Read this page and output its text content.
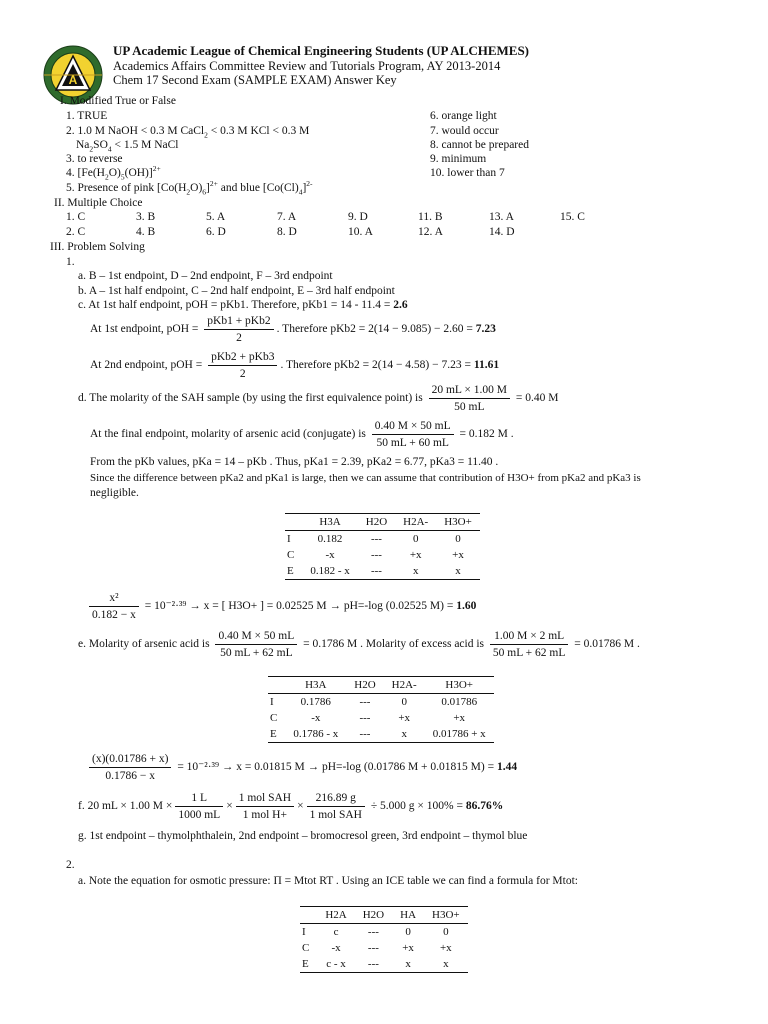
A
UP Academic League of Chemical Engineering Students (UP ALCHEMES)
Academics Affairs Committee Review and Tutorials Program, AY 2013-2014
Chem 17 Second Exam (SAMPLE EXAM) Answer Key
I. Modified True or False
1. TRUE
2. 1.0 M NaOH < 0.3 M CaCl$_2$ < 0.3 M KCl < 0.3 M
$Na_2SO_4 < 1.5$ M NaCl
3. to reverse
4. $[Fe(H_2O)_5(OH)]^{2+}$
5. Presence of pink $[Co(H_2O)_6]^{2+}$ and blue $[Co(Cl)_4]^{2-}$
6. orange light
7. would occur
8. cannot be prepared
9. minimum
10. lower than 7
II. Multiple Choice
1. C	3. B	5. A	7. A	9. D	11. B	13. A	15. C
2. C	4. B	6. D	8. D	10. A	12. A	14. D
III. Problem Solving
1.
a. B – 1st endpoint, D – 2nd endpoint, F – 3rd endpoint
b. A – 1st half endpoint, C – 2nd half endpoint, E – 3rd half endpoint
c. At 1st half endpoint, pOH = pKb1. Therefore, pKb1 = 14 - 11.4 = 2.6
At 1st endpoint, pOH = $\frac{\text{pKb1 + pKb2}}{2}$ . Therefore pKb2 = 2(14 − 9.085) − 2.60 = 7.23
At 2nd endpoint, pOH = $\frac{\text{pKb2 + pKb3}}{2}$ . Therefore pKb2 = 2(14 − 4.58) − 7.23 = 11.61
d. The molarity of the SAH sample (by using the first equivalence point) is $\frac{20 mL \times 1.00 M}{50 mL} = 0.40$ M
At the final endpoint, molarity of arsenic acid (conjugate) is $\frac{0.40 M \times 50 mL}{50 mL + 60 mL} = 0.182$ M .
From the pKb values, pKa = 14 – pKb . Thus, pKa1 = 2.39, pKa2 = 6.77, pKa3 = 11.40 .
Since the difference between pKa2 and pKa1 is large, then we can assume that contribution of H3O+ from pKa2 and pKa3 is
negligible.
	H3A	H2O	H2A-	H3O+
I	0.182	---	0	0
C	-x	---	+x	+x
E	0.182 - x	---	x	x
$\frac{\text{x²}}{0.182 - x} = 10^{-2}\cdot^{39} \to x$ = [ H3O+ ] = 0.02525 M → pH=-log (0.02525 M) = 1.60
e. Molarity of arsenic acid is $\frac{0.40 M \times 50 mL}{50 mL + 62 mL} = 0.1786$ M . Molarity of excess acid is $\frac{1.00 M \times 2 mL}{50 mL + 62 mL} = 0.01786$ M .
	H3A	H2O	H2A-	H3O+
I	0.1786	---	0	0.01786
C	-x	---	+x	+x
E	0.1786 - x	---	x	0.01786 + x
$\frac{(x)(0.01786 + x)}{0.1786 - x} = 10^{-2}\cdot^{39} \to x = 0.01815$ M → pH=-log (0.01786 M + 0.01815 M) = 1.44
f. 20 mL × 1.00 $M \times \frac{1 L}{1000 mL} \times \frac{\text{1 mol SAH}}{\text{1 mol H+}} \times \frac{216.89 g}{\text{1 mol SAH}} \div 5.000$ g × 100% = 86.76%
g. 1st endpoint – thymolphthalein, 2nd endpoint – bromocresol green, 3rd endpoint – thymol blue
2.
a. Note the equation for osmotic pressure: Π = Mtot RT . Using an ICE table we can find a formula for Mtot:
	H2A	H2O	HA	H3O+
I	c	---	0	0
C	-x	---	+x	+x
E	c - x	---	x	x
